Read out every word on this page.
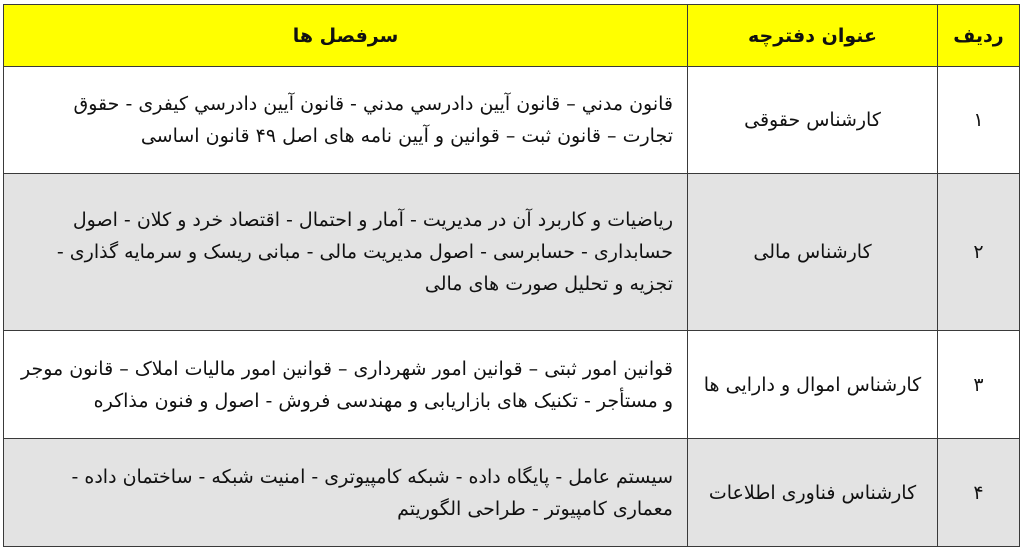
ردیف	عنوان دفترچه	سرفصل ها
۱	کارشناس حقوقی	قانون مدني – قانون آيين دادرسي مدني - قانون آيين دادرسي کيفری - حقوق تجارت – قانون ثبت – قوانين و آيين نامه های اصل ۴۹ قانون اساسی
۲	کارشناس مالی	رياضيات و کاربرد آن در مديريت - آمار و احتمال - اقتصاد خرد و کلان - اصول حسابداری - حسابرسی - اصول مديريت مالی - مبانی ريسک و سرمايه گذاری - تجزيه و تحليل صورت های مالی
۳	کارشناس اموال و دارایی ها	قوانين امور ثبتی – قوانين امور شهرداری – قوانين امور ماليات املاک – قانون موجر و مستأجر - تکنيک های بازاريابی و مهندسی فروش - اصول و فنون مذاکره
۴	کارشناس فناوری اطلاعات	سيستم عامل - پايگاه داده - شبکه کامپيوتری - امنيت شبکه - ساختمان داده - معماری کامپيوتر - طراحی الگوريتم
